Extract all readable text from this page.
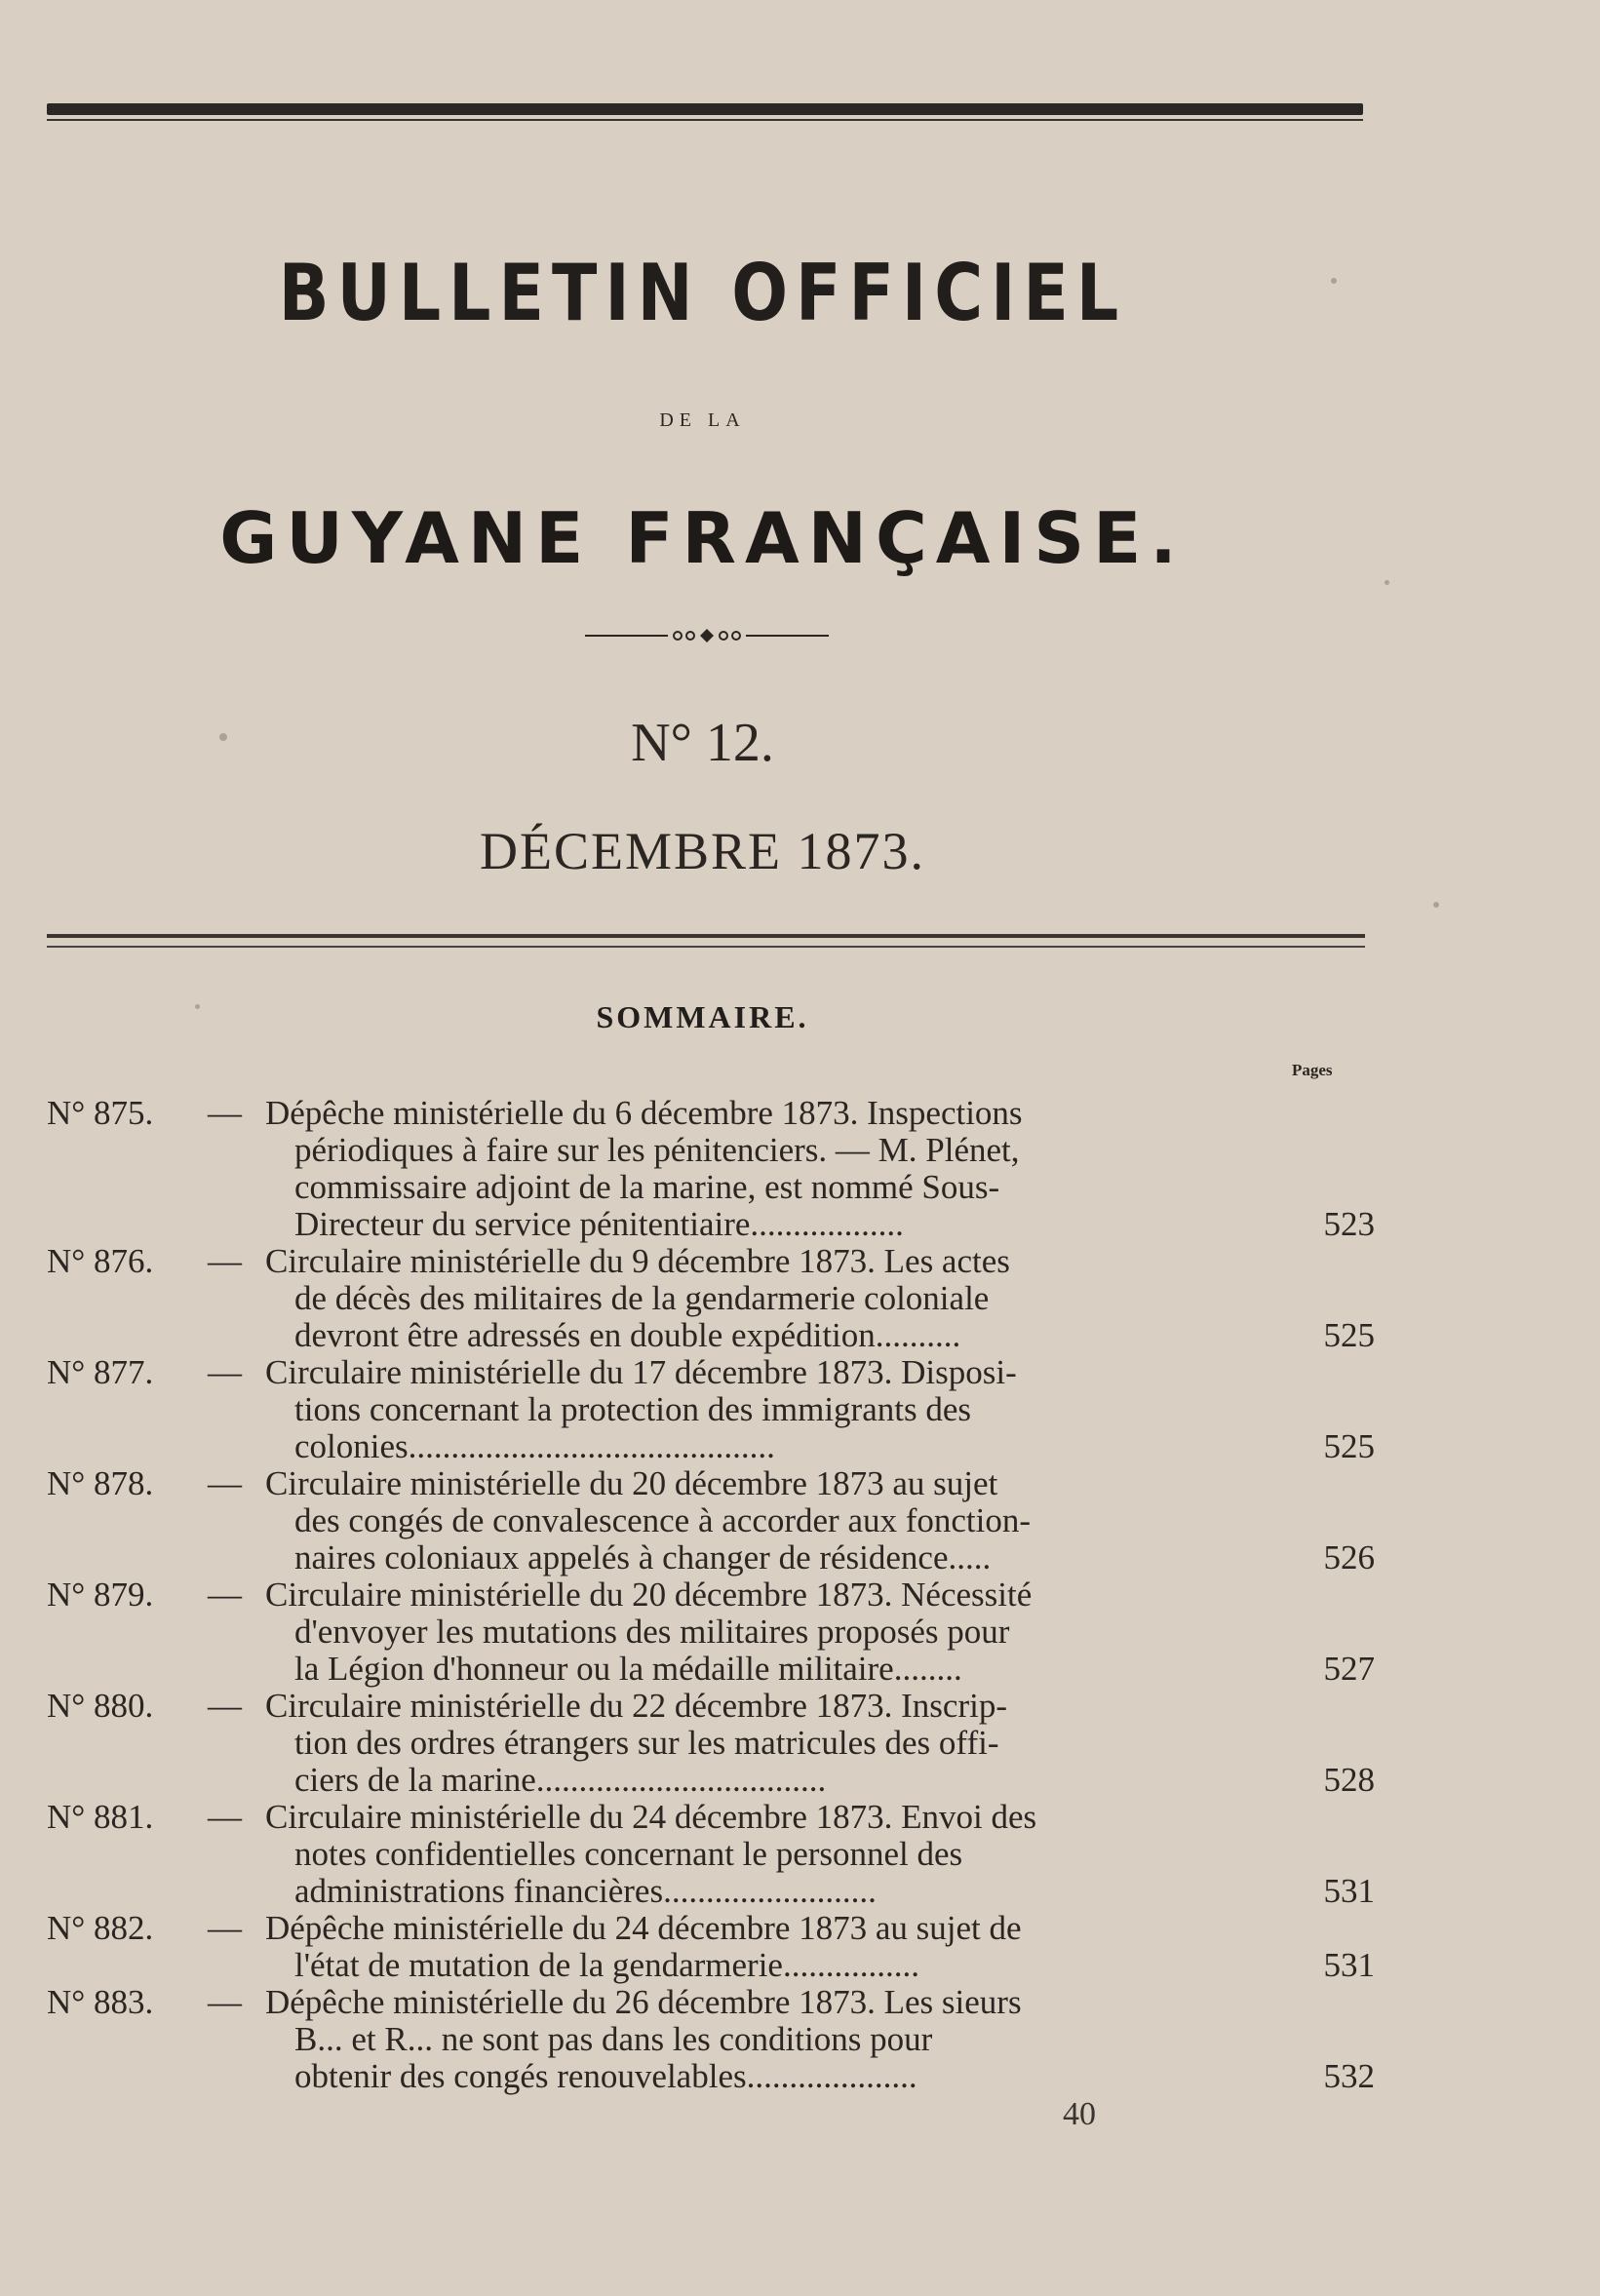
BULLETIN OFFICIEL
DE LA
GUYANE FRANÇAISE.
N° 12.
DÉCEMBRE 1873.
SOMMAIRE.
Pages
N° 875. — Dépêche ministérielle du 6 décembre 1873. Inspections
périodiques à faire sur les pénitenciers. — M. Plénet,
commissaire adjoint de la marine, est nommé Sous-
Directeur du service pénitentiaire..................	523
N° 876. — Circulaire ministérielle du 9 décembre 1873. Les actes
de décès des militaires de la gendarmerie coloniale
devront être adressés en double expédition..........	525
N° 877. — Circulaire ministérielle du 17 décembre 1873. Disposi-
tions concernant la protection des immigrants des
colonies...........................................	525
N° 878. — Circulaire ministérielle du 20 décembre 1873 au sujet
des congés de convalescence à accorder aux fonction-
naires coloniaux appelés à changer de résidence.....	526
N° 879. — Circulaire ministérielle du 20 décembre 1873. Nécessité
d'envoyer les mutations des militaires proposés pour
la Légion d'honneur ou la médaille militaire........	527
N° 880. — Circulaire ministérielle du 22 décembre 1873. Inscrip-
tion des ordres étrangers sur les matricules des offi-
ciers de la marine..................................	528
N° 881. — Circulaire ministérielle du 24 décembre 1873. Envoi des
notes confidentielles concernant le personnel des
administrations financières.........................	531
N° 882. — Dépêche ministérielle du 24 décembre 1873 au sujet de
l'état de mutation de la gendarmerie................	531
N° 883. — Dépêche ministérielle du 26 décembre 1873. Les sieurs
B... et R... ne sont pas dans les conditions pour
obtenir des congés renouvelables....................	532
40
